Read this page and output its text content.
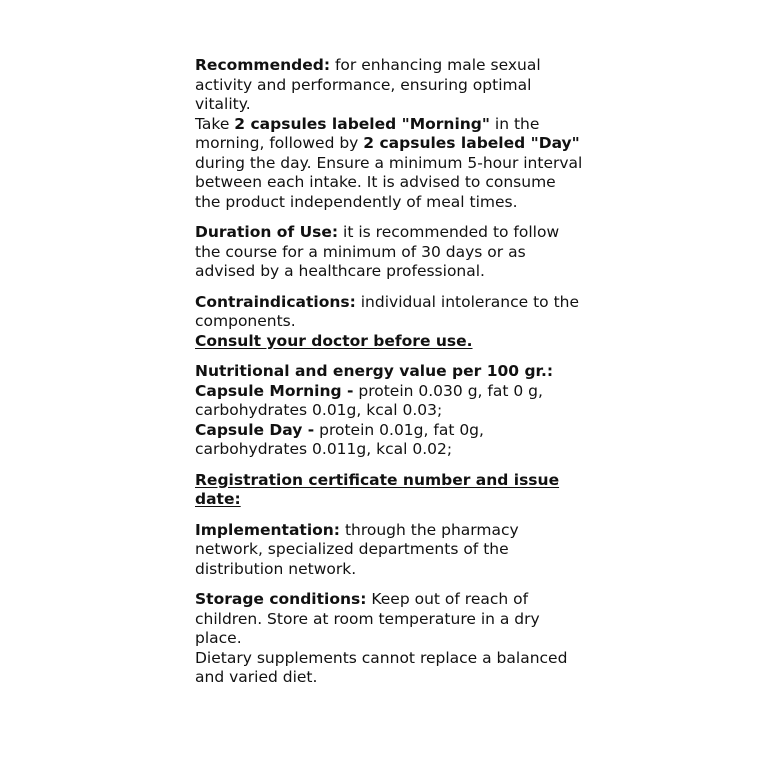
Recommended: for enhancing male sexual activity and performance, ensuring optimal vitality.
Take 2 capsules labeled "Morning" in the morning, followed by 2 capsules labeled "Day" during the day. Ensure a minimum 5-hour interval between each intake. It is advised to consume the product independently of meal times.

Duration of Use: it is recommended to follow the course for a minimum of 30 days or as advised by a healthcare professional.

Contraindications: individual intolerance to the components.
Consult your doctor before use.

Nutritional and energy value per 100 gr.:
Capsule Morning - protein 0.030 g, fat 0 g, carbohydrates 0.01g, kcal 0.03;
Capsule Day - protein 0.01g, fat 0g, carbohydrates 0.011g, kcal 0.02;

Registration certificate number and issue date:

Implementation: through the pharmacy network, specialized departments of the distribution network.

Storage conditions: Keep out of reach of children. Store at room temperature in a dry place.
Dietary supplements cannot replace a balanced and varied diet.
